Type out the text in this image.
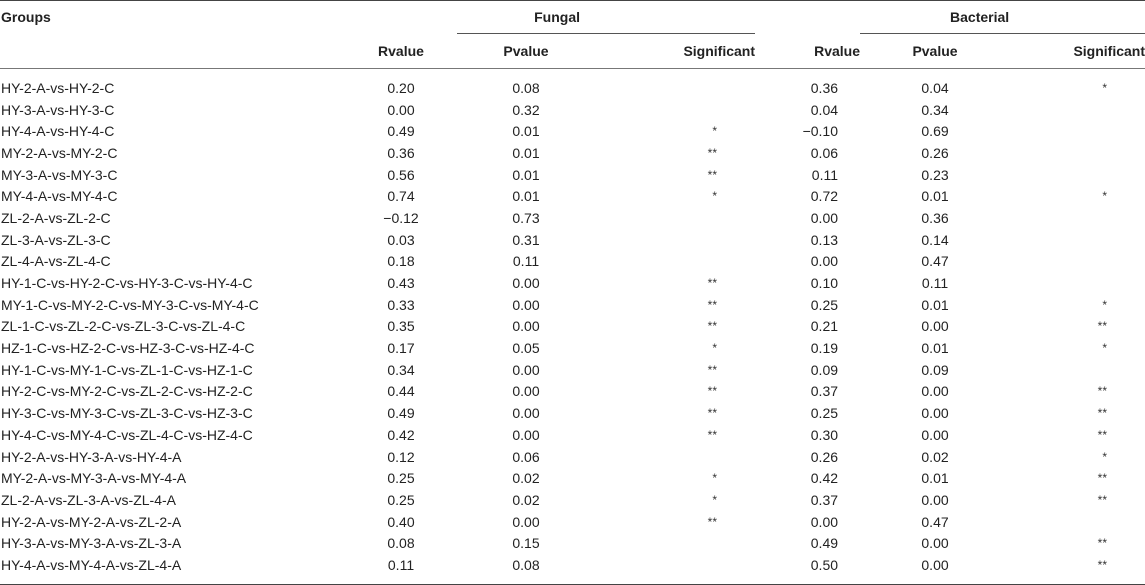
Groups		Fungal			Bacterial	
	Rvalue	Pvalue	Significant	Rvalue	Pvalue	Significant
HY-2-A-vs-HY-2-C	0.20	0.08		0.36	0.04	*
HY-3-A-vs-HY-3-C	0.00	0.32		0.04	0.34	
HY-4-A-vs-HY-4-C	0.49	0.01	*	−0.10	0.69	
MY-2-A-vs-MY-2-C	0.36	0.01	**	0.06	0.26	
MY-3-A-vs-MY-3-C	0.56	0.01	**	0.11	0.23	
MY-4-A-vs-MY-4-C	0.74	0.01	*	0.72	0.01	*
ZL-2-A-vs-ZL-2-C	−0.12	0.73		0.00	0.36	
ZL-3-A-vs-ZL-3-C	0.03	0.31		0.13	0.14	
ZL-4-A-vs-ZL-4-C	0.18	0.11		0.00	0.47	
HY-1-C-vs-HY-2-C-vs-HY-3-C-vs-HY-4-C	0.43	0.00	**	0.10	0.11	
MY-1-C-vs-MY-2-C-vs-MY-3-C-vs-MY-4-C	0.33	0.00	**	0.25	0.01	*
ZL-1-C-vs-ZL-2-C-vs-ZL-3-C-vs-ZL-4-C	0.35	0.00	**	0.21	0.00	**
HZ-1-C-vs-HZ-2-C-vs-HZ-3-C-vs-HZ-4-C	0.17	0.05	*	0.19	0.01	*
HY-1-C-vs-MY-1-C-vs-ZL-1-C-vs-HZ-1-C	0.34	0.00	**	0.09	0.09	
HY-2-C-vs-MY-2-C-vs-ZL-2-C-vs-HZ-2-C	0.44	0.00	**	0.37	0.00	**
HY-3-C-vs-MY-3-C-vs-ZL-3-C-vs-HZ-3-C	0.49	0.00	**	0.25	0.00	**
HY-4-C-vs-MY-4-C-vs-ZL-4-C-vs-HZ-4-C	0.42	0.00	**	0.30	0.00	**
HY-2-A-vs-HY-3-A-vs-HY-4-A	0.12	0.06		0.26	0.02	*
MY-2-A-vs-MY-3-A-vs-MY-4-A	0.25	0.02	*	0.42	0.01	**
ZL-2-A-vs-ZL-3-A-vs-ZL-4-A	0.25	0.02	*	0.37	0.00	**
HY-2-A-vs-MY-2-A-vs-ZL-2-A	0.40	0.00	**	0.00	0.47	
HY-3-A-vs-MY-3-A-vs-ZL-3-A	0.08	0.15		0.49	0.00	**
HY-4-A-vs-MY-4-A-vs-ZL-4-A	0.11	0.08		0.50	0.00	**
